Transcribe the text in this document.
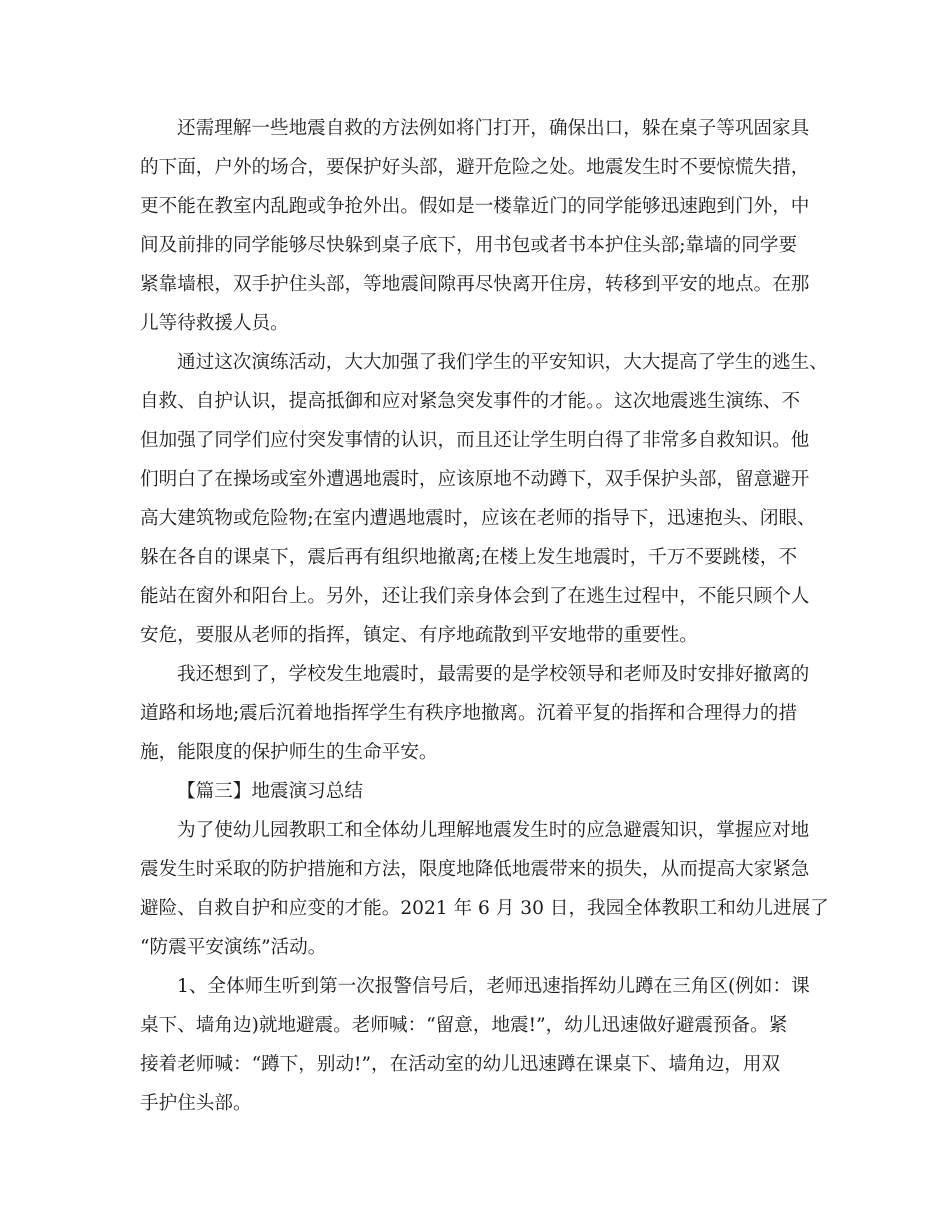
还需理解一些地震自救的方法例如将门打开，确保出口，躲在桌子等巩固家具
的下面，户外的场合，要保护好头部，避开危险之处。地震发生时不要惊慌失措，
更不能在教室内乱跑或争抢外出。假如是一楼靠近门的同学能够迅速跑到门外，中
间及前排的同学能够尽快躲到桌子底下，用书包或者书本护住头部;靠墙的同学要
紧靠墙根，双手护住头部，等地震间隙再尽快离开住房，转移到平安的地点。在那
儿等待救援人员。
通过这次演练活动，大大加强了我们学生的平安知识，大大提高了学生的逃生、
自救、自护认识，提高抵御和应对紧急突发事件的才能。。这次地震逃生演练、不
但加强了同学们应付突发事情的认识，而且还让学生明白得了非常多自救知识。他
们明白了在操场或室外遭遇地震时，应该原地不动蹲下，双手保护头部，留意避开
高大建筑物或危险物;在室内遭遇地震时，应该在老师的指导下，迅速抱头、闭眼、
躲在各自的课桌下，震后再有组织地撤离;在楼上发生地震时，千万不要跳楼，不
能站在窗外和阳台上。另外，还让我们亲身体会到了在逃生过程中，不能只顾个人
安危，要服从老师的指挥，镇定、有序地疏散到平安地带的重要性。
我还想到了，学校发生地震时，最需要的是学校领导和老师及时安排好撤离的
道路和场地;震后沉着地指挥学生有秩序地撤离。沉着平复的指挥和合理得力的措
施，能限度的保护师生的生命平安。
【篇三】地震演习总结
为了使幼儿园教职工和全体幼儿理解地震发生时的应急避震知识，掌握应对地
震发生时采取的防护措施和方法，限度地降低地震带来的损失，从而提高大家紧急
避险、自救自护和应变的才能。2021 年 6 月 30 日，我园全体教职工和幼儿进展了
“防震平安演练”活动。
1、全体师生听到第一次报警信号后，老师迅速指挥幼儿蹲在三角区(例如：课
桌下、墙角边)就地避震。老师喊：“留意，地震!”，幼儿迅速做好避震预备。紧
接着老师喊：“蹲下，别动!”，在活动室的幼儿迅速蹲在课桌下、墙角边，用双
手护住头部。
